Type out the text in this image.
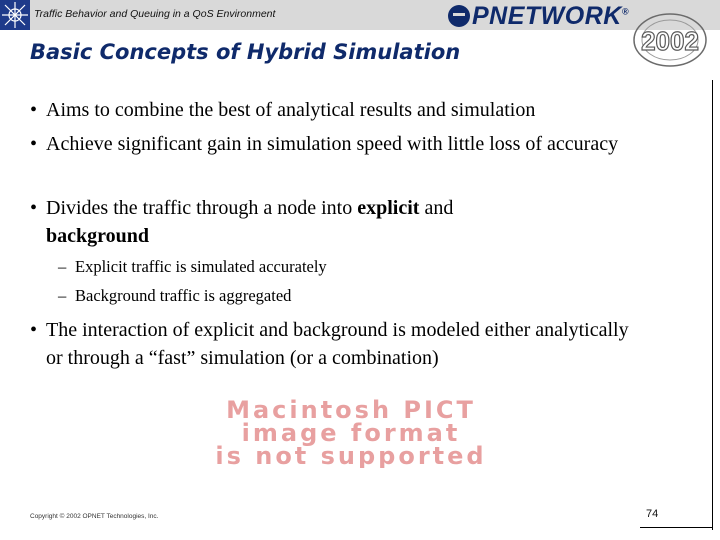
Traffic Behavior and Queuing in a QoS Environment	PNETWORK®
2002
Basic Concepts of Hybrid Simulation
• Aims to combine the best of analytical results and simulation
• Achieve significant gain in simulation speed with little loss of accuracy
• Divides the traffic through a node into explicit and background
– Explicit traffic is simulated accurately
– Background traffic is aggregated
• The interaction of explicit and background is modeled either analytically or through a “fast” simulation (or a combination)
Macintosh PICT
image format
is not supported
Copyright © 2002 OPNET Technologies, Inc.	74
